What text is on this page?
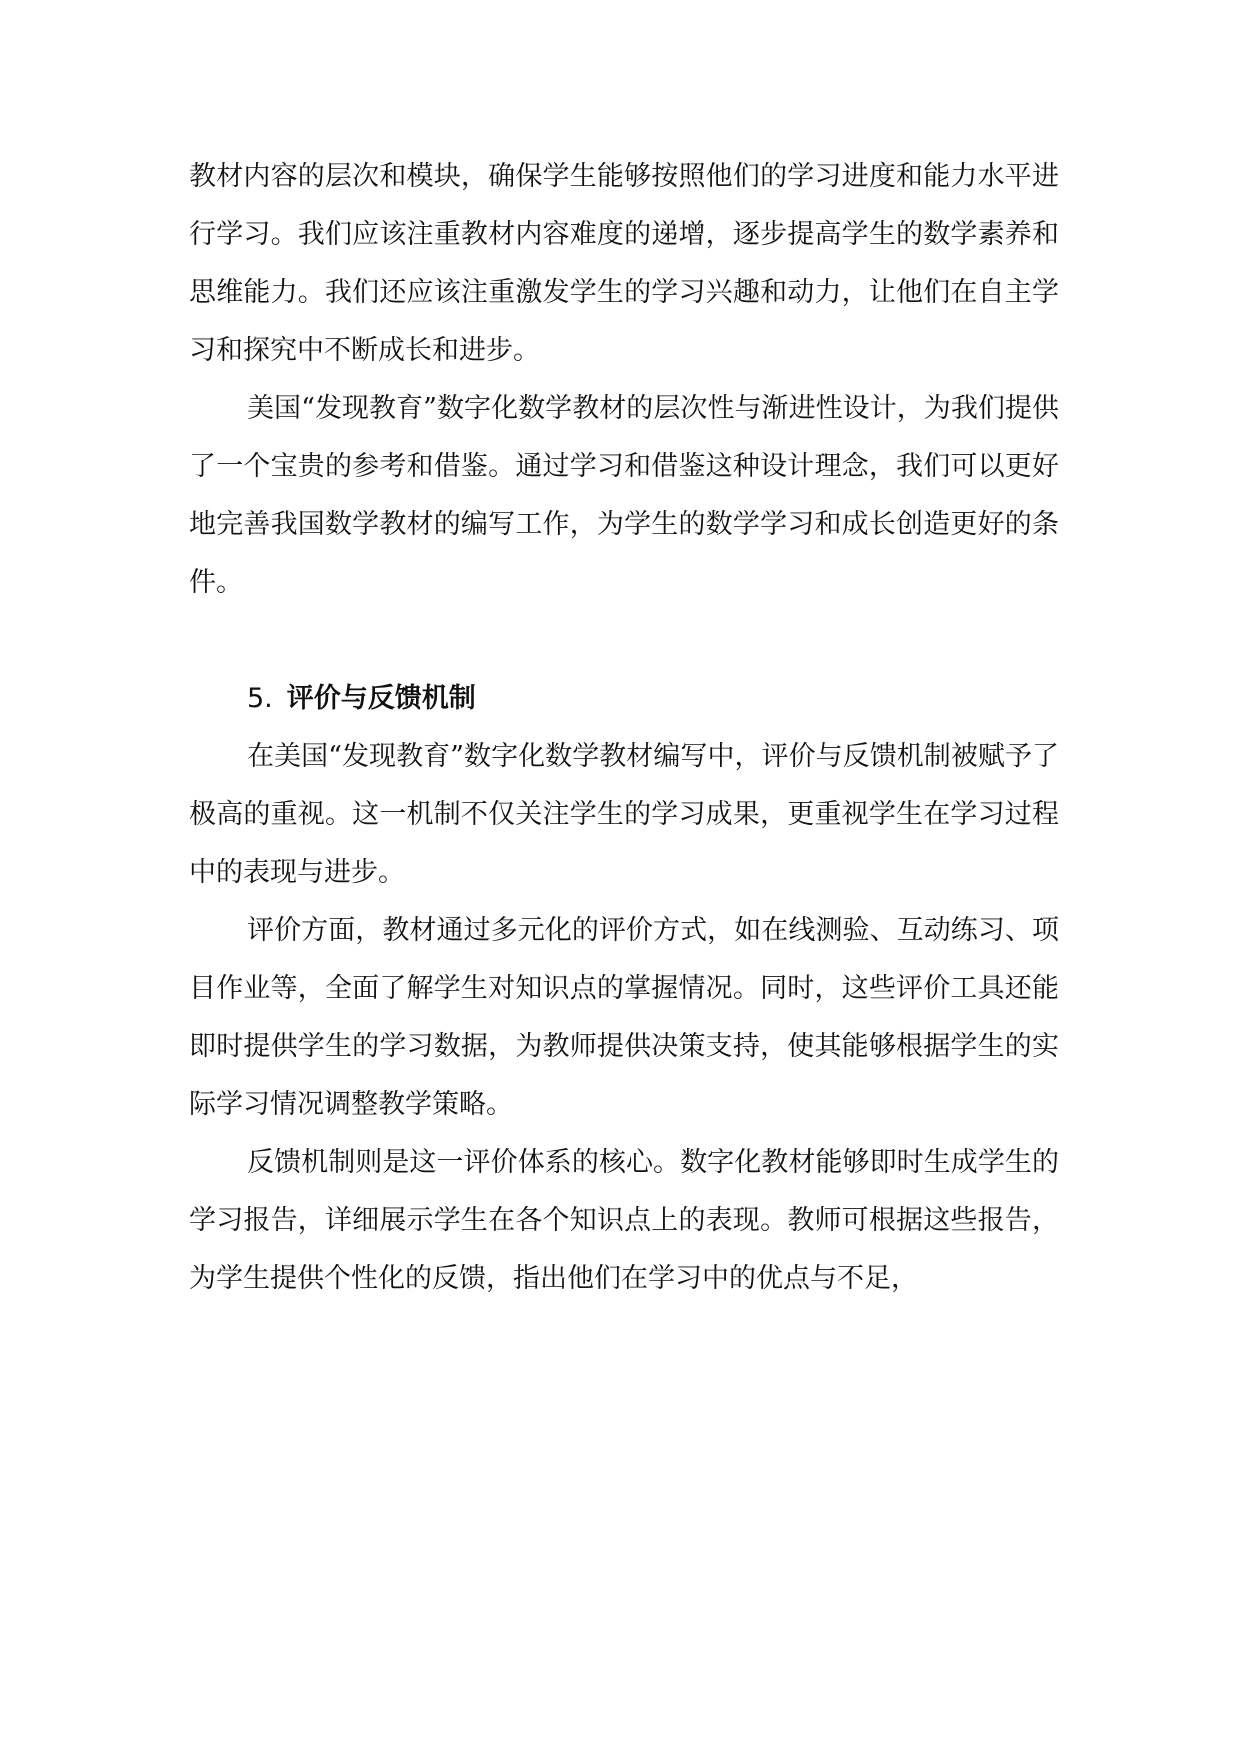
教材内容的层次和模块，确保学生能够按照他们的学习进度和能力水平进行学习。我们应该注重教材内容难度的递增，逐步提高学生的数学素养和思维能力。我们还应该注重激发学生的学习兴趣和动力，让他们在自主学习和探究中不断成长和进步。

美国“发现教育”数字化数学教材的层次性与渐进性设计，为我们提供了一个宝贵的参考和借鉴。通过学习和借鉴这种设计理念，我们可以更好地完善我国数学教材的编写工作，为学生的数学学习和成长创造更好的条件。

5. 评价与反馈机制

在美国“发现教育”数字化数学教材编写中，评价与反馈机制被赋予了极高的重视。这一机制不仅关注学生的学习成果，更重视学生在学习过程中的表现与进步。

评价方面，教材通过多元化的评价方式，如在线测验、互动练习、项目作业等，全面了解学生对知识点的掌握情况。同时，这些评价工具还能即时提供学生的学习数据，为教师提供决策支持，使其能够根据学生的实际学习情况调整教学策略。

反馈机制则是这一评价体系的核心。数字化教材能够即时生成学生的学习报告，详细展示学生在各个知识点上的表现。教师可根据这些报告，为学生提供个性化的反馈，指出他们在学习中的优点与不足，
